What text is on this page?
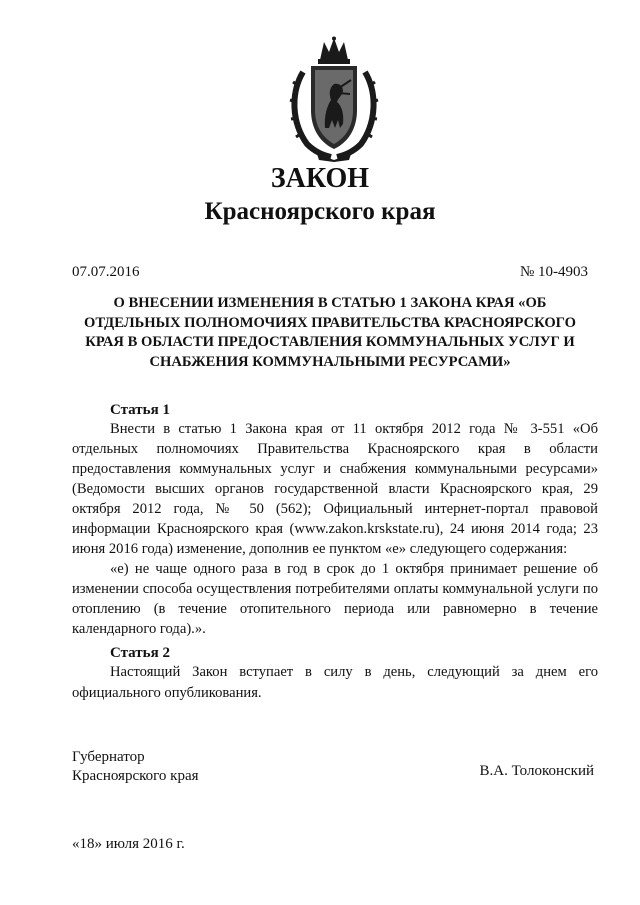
ЗАКОН
Красноярского края
07.07.2016	№ 10-4903

О ВНЕСЕНИИ ИЗМЕНЕНИЯ В СТАТЬЮ 1 ЗАКОНА КРАЯ «ОБ ОТДЕЛЬНЫХ ПОЛНОМОЧИЯХ ПРАВИТЕЛЬСТВА КРАСНОЯРСКОГО КРАЯ В ОБЛАСТИ ПРЕДОСТАВЛЕНИЯ КОММУНАЛЬНЫХ УСЛУГ И СНАБЖЕНИЯ КОММУНАЛЬНЫМИ РЕСУРСАМИ»

Статья 1

Внести в статью 1 Закона края от 11 октября 2012 года № 3-551 «Об отдельных полномочиях Правительства Красноярского края в области предоставления коммунальных услуг и снабжения коммунальными ресурсами» (Ведомости высших органов государственной власти Красноярского края, 29 октября 2012 года, № 50 (562); Официальный интернет-портал правовой информации Красноярского края (www.zakon.krskstate.ru), 24 июня 2014 года; 23 июня 2016 года) изменение, дополнив ее пунктом «е» следующего содержания:

«е) не чаще одного раза в год в срок до 1 октября принимает решение об изменении способа осуществления потребителями оплаты коммунальной услуги по отоплению (в течение отопительного периода или равномерно в течение календарного года).».

Статья 2

Настоящий Закон вступает в силу в день, следующий за днем его официального опубликования.

Губернатор
Красноярского края	В.А. Толоконский
«18» июля 2016 г.
